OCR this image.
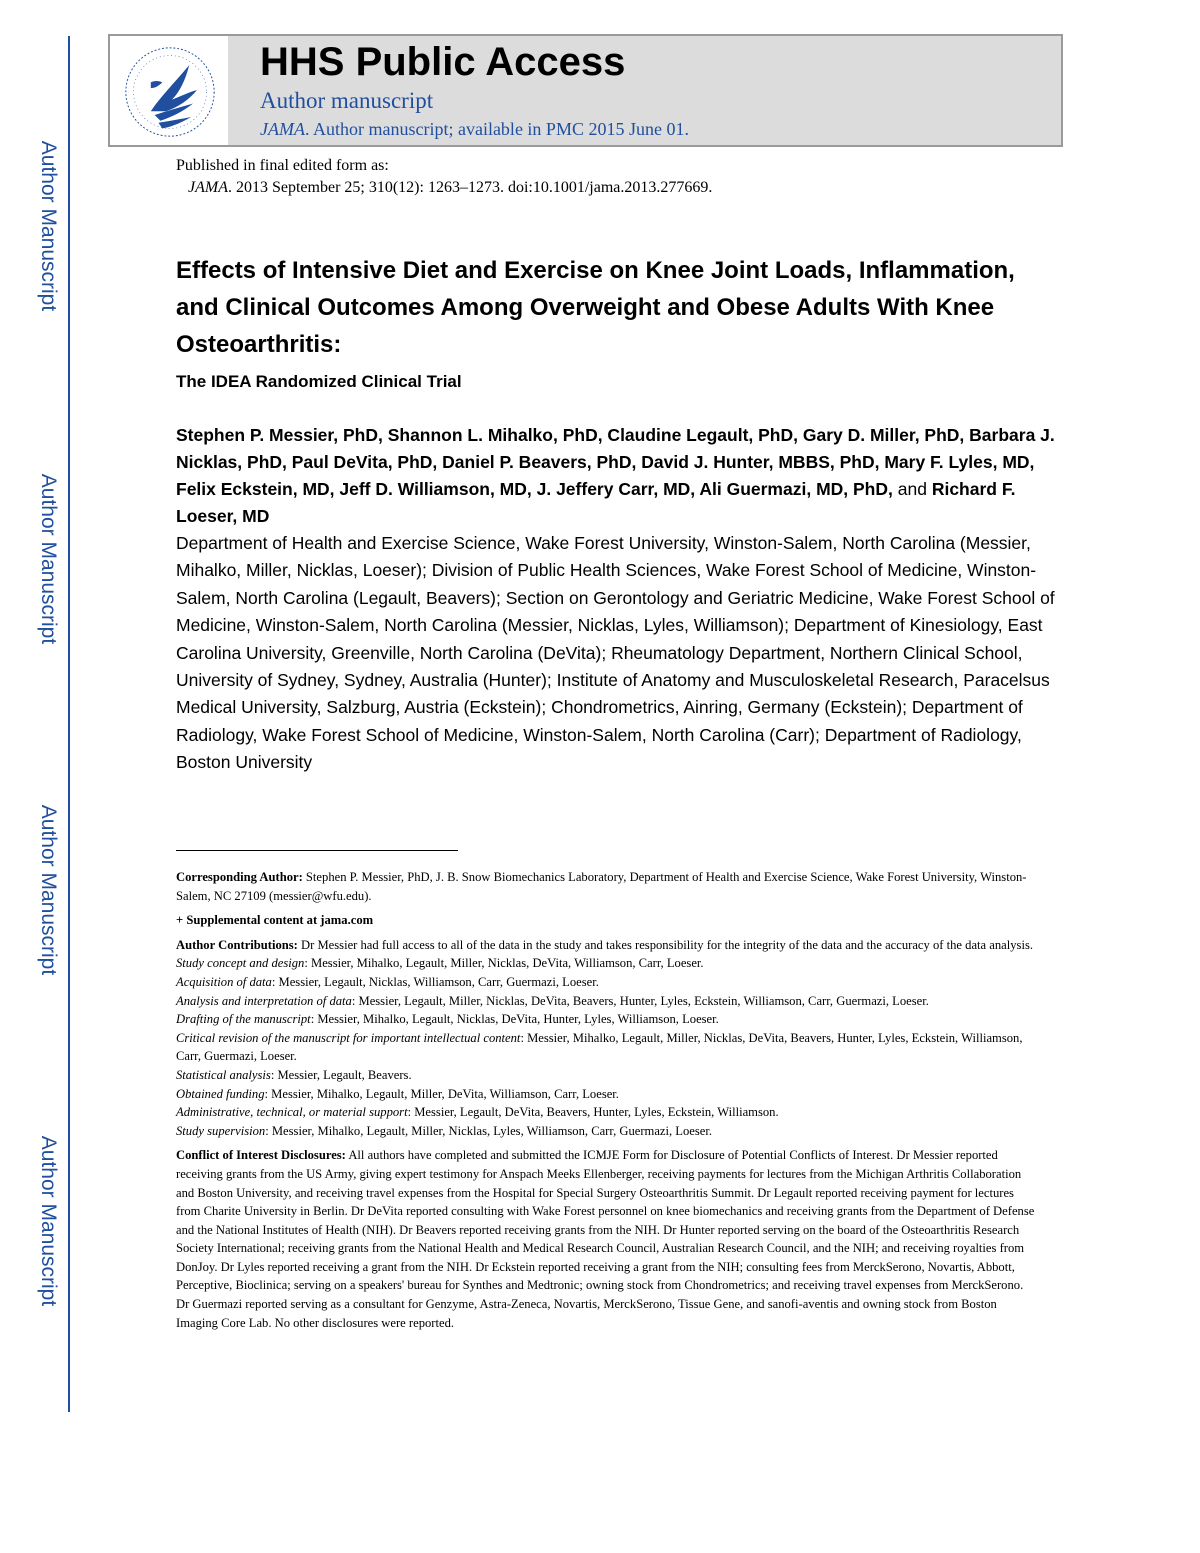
Author Manuscript
Author Manuscript
Author Manuscript
Author Manuscript
HHS Public Access
Author manuscript
JAMA. Author manuscript; available in PMC 2015 June 01.
Published in final edited form as:
JAMA. 2013 September 25; 310(12): 1263–1273. doi:10.1001/jama.2013.277669.
Effects of Intensive Diet and Exercise on Knee Joint Loads, Inflammation, and Clinical Outcomes Among Overweight and Obese Adults With Knee Osteoarthritis:
The IDEA Randomized Clinical Trial
Stephen P. Messier, PhD, Shannon L. Mihalko, PhD, Claudine Legault, PhD, Gary D. Miller, PhD, Barbara J. Nicklas, PhD, Paul DeVita, PhD, Daniel P. Beavers, PhD, David J. Hunter, MBBS, PhD, Mary F. Lyles, MD, Felix Eckstein, MD, Jeff D. Williamson, MD, J. Jeffery Carr, MD, Ali Guermazi, MD, PhD, and Richard F. Loeser, MD
Department of Health and Exercise Science, Wake Forest University, Winston-Salem, North Carolina (Messier, Mihalko, Miller, Nicklas, Loeser); Division of Public Health Sciences, Wake Forest School of Medicine, Winston-Salem, North Carolina (Legault, Beavers); Section on Gerontology and Geriatric Medicine, Wake Forest School of Medicine, Winston-Salem, North Carolina (Messier, Nicklas, Lyles, Williamson); Department of Kinesiology, East Carolina University, Greenville, North Carolina (DeVita); Rheumatology Department, Northern Clinical School, University of Sydney, Sydney, Australia (Hunter); Institute of Anatomy and Musculoskeletal Research, Paracelsus Medical University, Salzburg, Austria (Eckstein); Chondrometrics, Ainring, Germany (Eckstein); Department of Radiology, Wake Forest School of Medicine, Winston-Salem, North Carolina (Carr); Department of Radiology, Boston University

Corresponding Author: Stephen P. Messier, PhD, J. B. Snow Biomechanics Laboratory, Department of Health and Exercise Science, Wake Forest University, Winston-Salem, NC 27109 (messier@wfu.edu).

+ Supplemental content at jama.com

Author Contributions: Dr Messier had full access to all of the data in the study and takes responsibility for the integrity of the data and the accuracy of the data analysis.

Study concept and design: Messier, Mihalko, Legault, Miller, Nicklas, DeVita, Williamson, Carr, Loeser.

Acquisition of data: Messier, Legault, Nicklas, Williamson, Carr, Guermazi, Loeser.

Analysis and interpretation of data: Messier, Legault, Miller, Nicklas, DeVita, Beavers, Hunter, Lyles, Eckstein, Williamson, Carr, Guermazi, Loeser.

Drafting of the manuscript: Messier, Mihalko, Legault, Nicklas, DeVita, Hunter, Lyles, Williamson, Loeser.

Critical revision of the manuscript for important intellectual content: Messier, Mihalko, Legault, Miller, Nicklas, DeVita, Beavers, Hunter, Lyles, Eckstein, Williamson, Carr, Guermazi, Loeser.

Statistical analysis: Messier, Legault, Beavers.

Obtained funding: Messier, Mihalko, Legault, Miller, DeVita, Williamson, Carr, Loeser.

Administrative, technical, or material support: Messier, Legault, DeVita, Beavers, Hunter, Lyles, Eckstein, Williamson.

Study supervision: Messier, Mihalko, Legault, Miller, Nicklas, Lyles, Williamson, Carr, Guermazi, Loeser.

Conflict of Interest Disclosures: All authors have completed and submitted the ICMJE Form for Disclosure of Potential Conflicts of Interest. Dr Messier reported receiving grants from the US Army, giving expert testimony for Anspach Meeks Ellenberger, receiving payments for lectures from the Michigan Arthritis Collaboration and Boston University, and receiving travel expenses from the Hospital for Special Surgery Osteoarthritis Summit. Dr Legault reported receiving payment for lectures from Charite University in Berlin. Dr DeVita reported consulting with Wake Forest personnel on knee biomechanics and receiving grants from the Department of Defense and the National Institutes of Health (NIH). Dr Beavers reported receiving grants from the NIH. Dr Hunter reported serving on the board of the Osteoarthritis Research Society International; receiving grants from the National Health and Medical Research Council, Australian Research Council, and the NIH; and receiving royalties from DonJoy. Dr Lyles reported receiving a grant from the NIH. Dr Eckstein reported receiving a grant from the NIH; consulting fees from MerckSerono, Novartis, Abbott, Perceptive, Bioclinica; serving on a speakers' bureau for Synthes and Medtronic; owning stock from Chondrometrics; and receiving travel expenses from MerckSerono. Dr Guermazi reported serving as a consultant for Genzyme, Astra-Zeneca, Novartis, MerckSerono, Tissue Gene, and sanofi-aventis and owning stock from Boston Imaging Core Lab. No other disclosures were reported.
